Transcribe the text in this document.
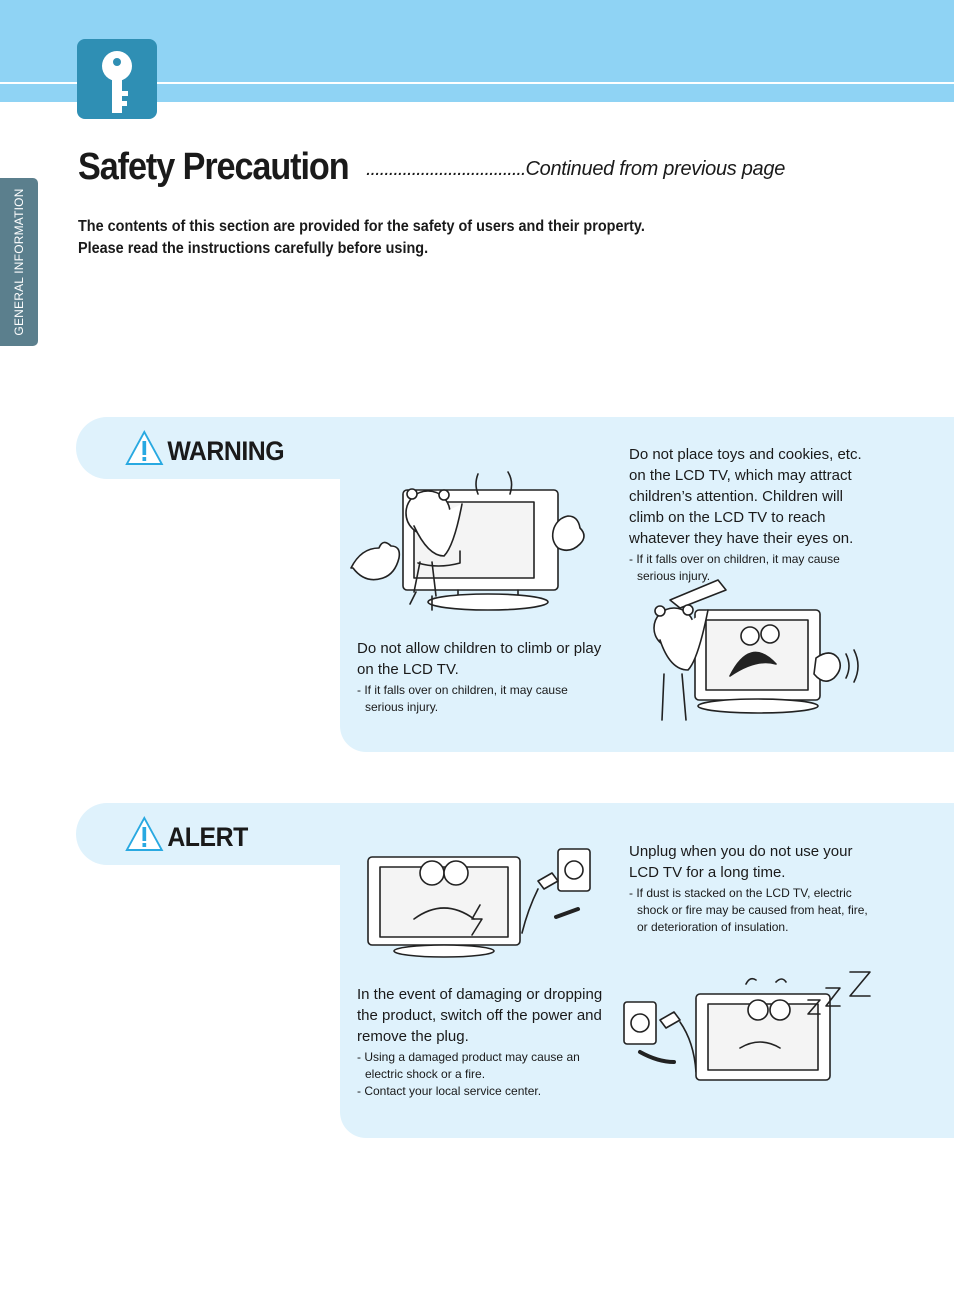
GENERAL INFORMATION
Safety Precaution ...................................Continued from previous page
The contents of this section are provided for the safety of users and their property.
Please read the instructions carefully before using.
WARNING
Do not allow children to climb or play on the LCD TV.
- If it falls over on children, it may cause serious injury.
Do not place toys and cookies, etc. on the LCD TV, which may attract children’s attention. Children will climb on the LCD TV to reach whatever they have their eyes on.
- If it falls over on children, it may cause serious injury.
ALERT
In the event of damaging or dropping the product, switch off the power and remove the plug.
- Using a damaged product may cause an electric shock or a fire.
- Contact your local service center.
Unplug when you do not use your LCD TV for a long time.
- If dust is stacked on the LCD TV, electric shock or fire may be caused from heat, fire, or deterioration of insulation.
